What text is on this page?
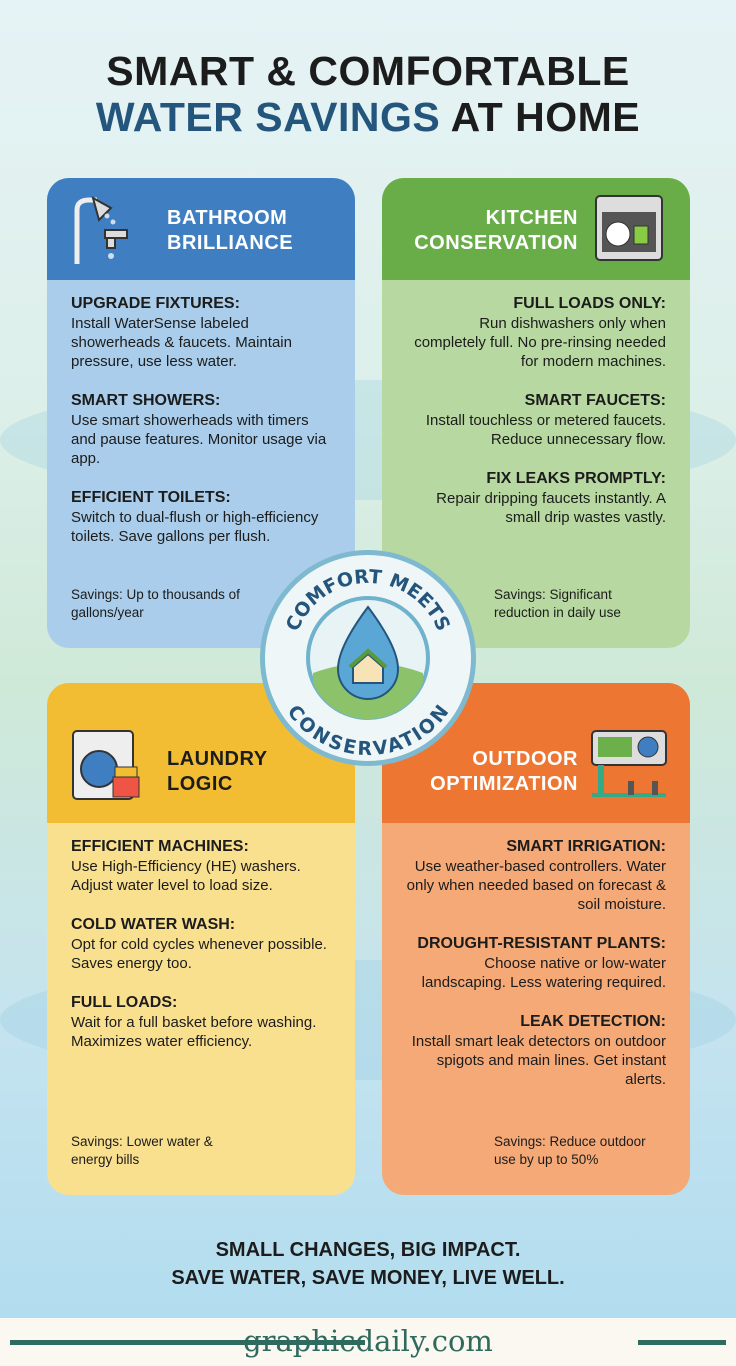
SMART & COMFORTABLE
WATER SAVINGS AT HOME
BATHROOM
BRILLIANCE
UPGRADE FIXTURES:

Install WaterSense labeled showerheads & faucets. Maintain pressure, use less water.

SMART SHOWERS:

Use smart showerheads with timers and pause features. Monitor usage via app.

EFFICIENT TOILETS:

Switch to dual-flush or high-efficiency toilets. Save gallons per flush.

Savings: Up to thousands of gallons/year
KITCHEN
CONSERVATION
FULL LOADS ONLY:

Run dishwashers only when completely full. No pre-rinsing needed for modern machines.

SMART FAUCETS:

Install touchless or metered faucets. Reduce unnecessary flow.

FIX LEAKS PROMPTLY:

Repair dripping faucets instantly. A small drip wastes vastly.

Savings: Significant reduction in daily use
LAUNDRY
LOGIC
EFFICIENT MACHINES:

Use High-Efficiency (HE) washers. Adjust water level to load size.

COLD WATER WASH:

Opt for cold cycles whenever possible. Saves energy too.

FULL LOADS:

Wait for a full basket before washing. Maximizes water efficiency.

Savings: Lower water & energy bills
OUTDOOR
OPTIMIZATION
SMART IRRIGATION:

Use weather-based controllers. Water only when needed based on forecast & soil moisture.

DROUGHT-RESISTANT PLANTS:

Choose native or low-water landscaping. Less watering required.

LEAK DETECTION:

Install smart leak detectors on outdoor spigots and main lines. Get instant alerts.

Savings: Reduce outdoor use by up to 50%
COMFORT MEETS
CONSERVATION
SMALL CHANGES, BIG IMPACT.
SAVE WATER, SAVE MONEY, LIVE WELL.
graphicdaily.com
